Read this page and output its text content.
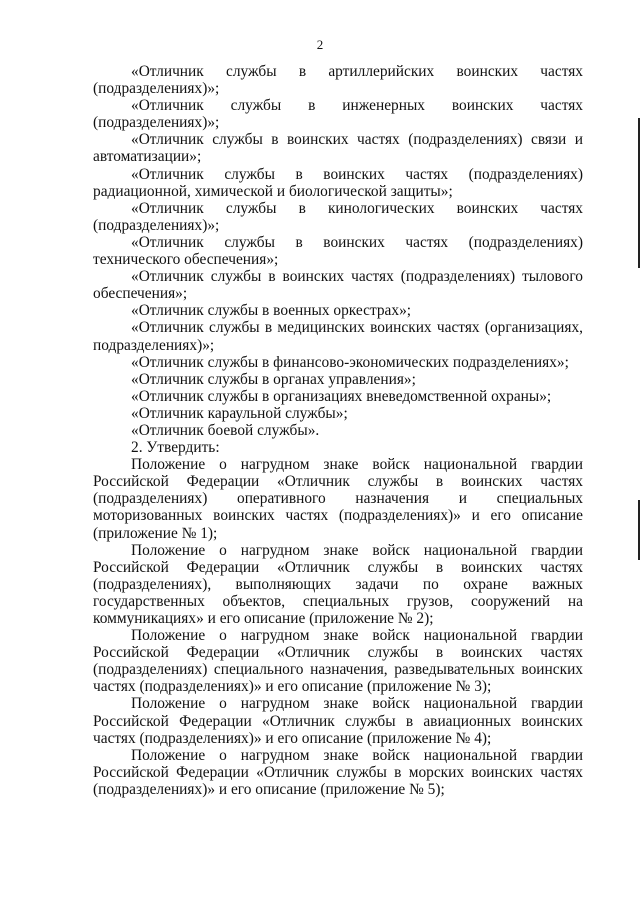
2

«Отличник службы в артиллерийских воинских частях (подразделениях)»;

«Отличник службы в инженерных воинских частях (подразделениях)»;

«Отличник службы в воинских частях (подразделениях) связи и автоматизации»;

«Отличник службы в воинских частях (подразделениях) радиационной, химической и биологической защиты»;

«Отличник службы в кинологических воинских частях (подразделениях)»;

«Отличник службы в воинских частях (подразделениях) технического обеспечения»;

«Отличник службы в воинских частях (подразделениях) тылового обеспечения»;

«Отличник службы в военных оркестрах»;

«Отличник службы в медицинских воинских частях (организациях, подразделениях)»;

«Отличник службы в финансово-экономических подразделениях»;

«Отличник службы в органах управления»;

«Отличник службы в организациях вневедомственной охраны»;

«Отличник караульной службы»;

«Отличник боевой службы».

2. Утвердить:

Положение о нагрудном знаке войск национальной гвардии Российской Федерации «Отличник службы в воинских частях (подразделениях) оперативного назначения и специальных моторизованных воинских частях (подразделениях)» и его описание (приложение № 1);

Положение о нагрудном знаке войск национальной гвардии Российской Федерации «Отличник службы в воинских частях (подразделениях), выполняющих задачи по охране важных государственных объектов, специальных грузов, сооружений на коммуникациях» и его описание (приложение № 2);

Положение о нагрудном знаке войск национальной гвардии Российской Федерации «Отличник службы в воинских частях (подразделениях) специального назначения, разведывательных воинских частях (подразделениях)» и его описание (приложение № 3);

Положение о нагрудном знаке войск национальной гвардии Российской Федерации «Отличник службы в авиационных воинских частях (подразделениях)» и его описание (приложение № 4);

Положение о нагрудном знаке войск национальной гвардии Российской Федерации «Отличник службы в морских воинских частях (подразделениях)» и его описание (приложение № 5);
